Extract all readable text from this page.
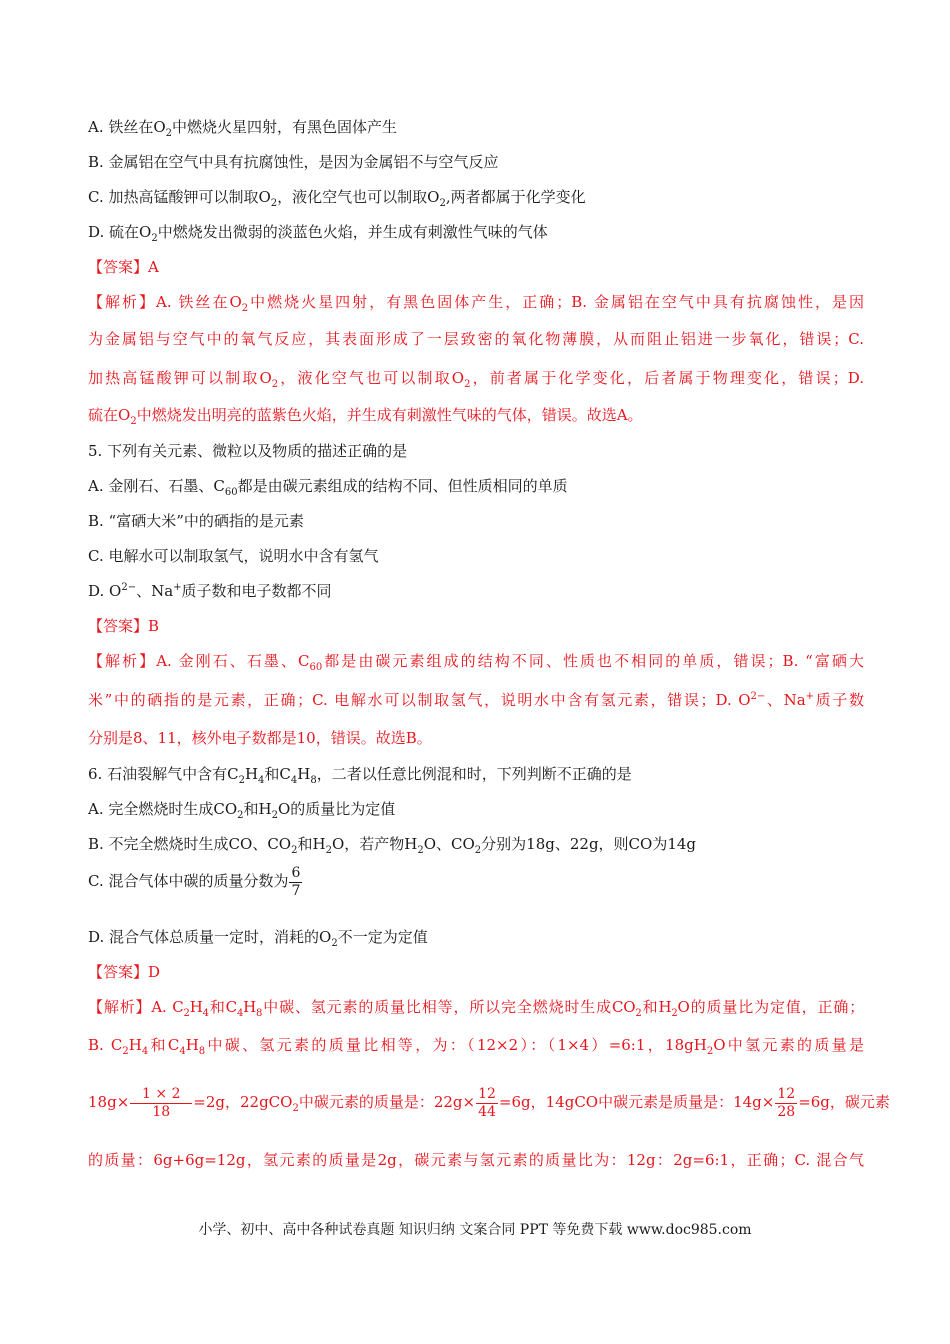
A. 铁丝在$O_2$中燃烧火星四射，有黑色固体产生
B. 金属铝在空气中具有抗腐蚀性，是因为金属铝不与空气反应
C. 加热高锰酸钾可以制取$O_2$，液化空气也可以制取$O_2$,两者都属于化学变化
D. 硫在$O_2$中燃烧发出微弱的淡蓝色火焰，并生成有刺激性气味的气体
【答案】A
【解析】A. 铁丝在$O_2$中燃烧火星四射，有黑色固体产生，正确；B. 金属铝在空气中具有抗腐蚀性，是因
为金属铝与空气中的氧气反应，其表面形成了一层致密的氧化物薄膜，从而阻止铝进一步氧化，错误；C.
加热高锰酸钾可以制取$O_2$，液化空气也可以制取$O_2$，前者属于化学变化，后者属于物理变化，错误；D.
硫在$O_2$中燃烧发出明亮的蓝紫色火焰，并生成有刺激性气味的气体，错误。故选A。
5. 下列有关元素、微粒以及物质的描述正确的是
A. 金刚石、石墨、$C_{60}$都是由碳元素组成的结构不同、但性质相同的单质
B. “富硒大米”中的硒指的是元素
C. 电解水可以制取氢气，说明水中含有氢气
D. $O^{2-}$、Na+质子数和电子数都不同
【答案】B
【解析】A. 金刚石、石墨、$C_{60}$都是由碳元素组成的结构不同、性质也不相同的单质，错误；B. “富硒大
米”中的硒指的是元素，正确；C. 电解水可以制取氢气，说明水中含有氢元素，错误；D. $O^{2-}$、Na+质子数
分别是8、11，核外电子数都是10，错误。故选B。
6. 石油裂解气中含有$C_2H_4$和$C_4H_8$，二者以任意比例混和时，下列判断不正确的是
A. 完全燃烧时生成$CO_2$和$H_2O$的质量比为定值
B. 不完全燃烧时生成CO、$CO_2$和$H_2O$，若产物$H_2O$、$CO_2$分别为18g、22g，则CO为14g
C. 混合气体中碳的质量分数为 $\frac{6}{7}$
D. 混合气体总质量一定时，消耗的$O_2$不一定为定值
【答案】D
【解析】A. $C_2H_4$和$C_4H_8$中碳、氢元素的质量比相等，所以完全燃烧时生成$CO_2$和$H_2O$的质量比为定值，正确；
B. $C_2H_4$和$C_4H_8$中碳、氢元素的质量比相等，为：（12×2）：（1×4）=6:1，$18gH_2O$中氢元素的质量是
$18g\times \frac{1 \times 2}{18} =2g$，22gCO$_2$中碳元素的质量是：$22g\times \frac{12}{44} =6g$，14gCO中碳元素是质量是：$14g\times \frac{12}{28} =6g$，碳元素
的质量：6g+6g=12g，氢元素的质量是2g，碳元素与氢元素的质量比为：12g：2g=6:1，正确；C. 混合气
小学、初中、高中各种试卷真题 知识归纳 文案合同 PPT 等免费下载 www.doc985.com
